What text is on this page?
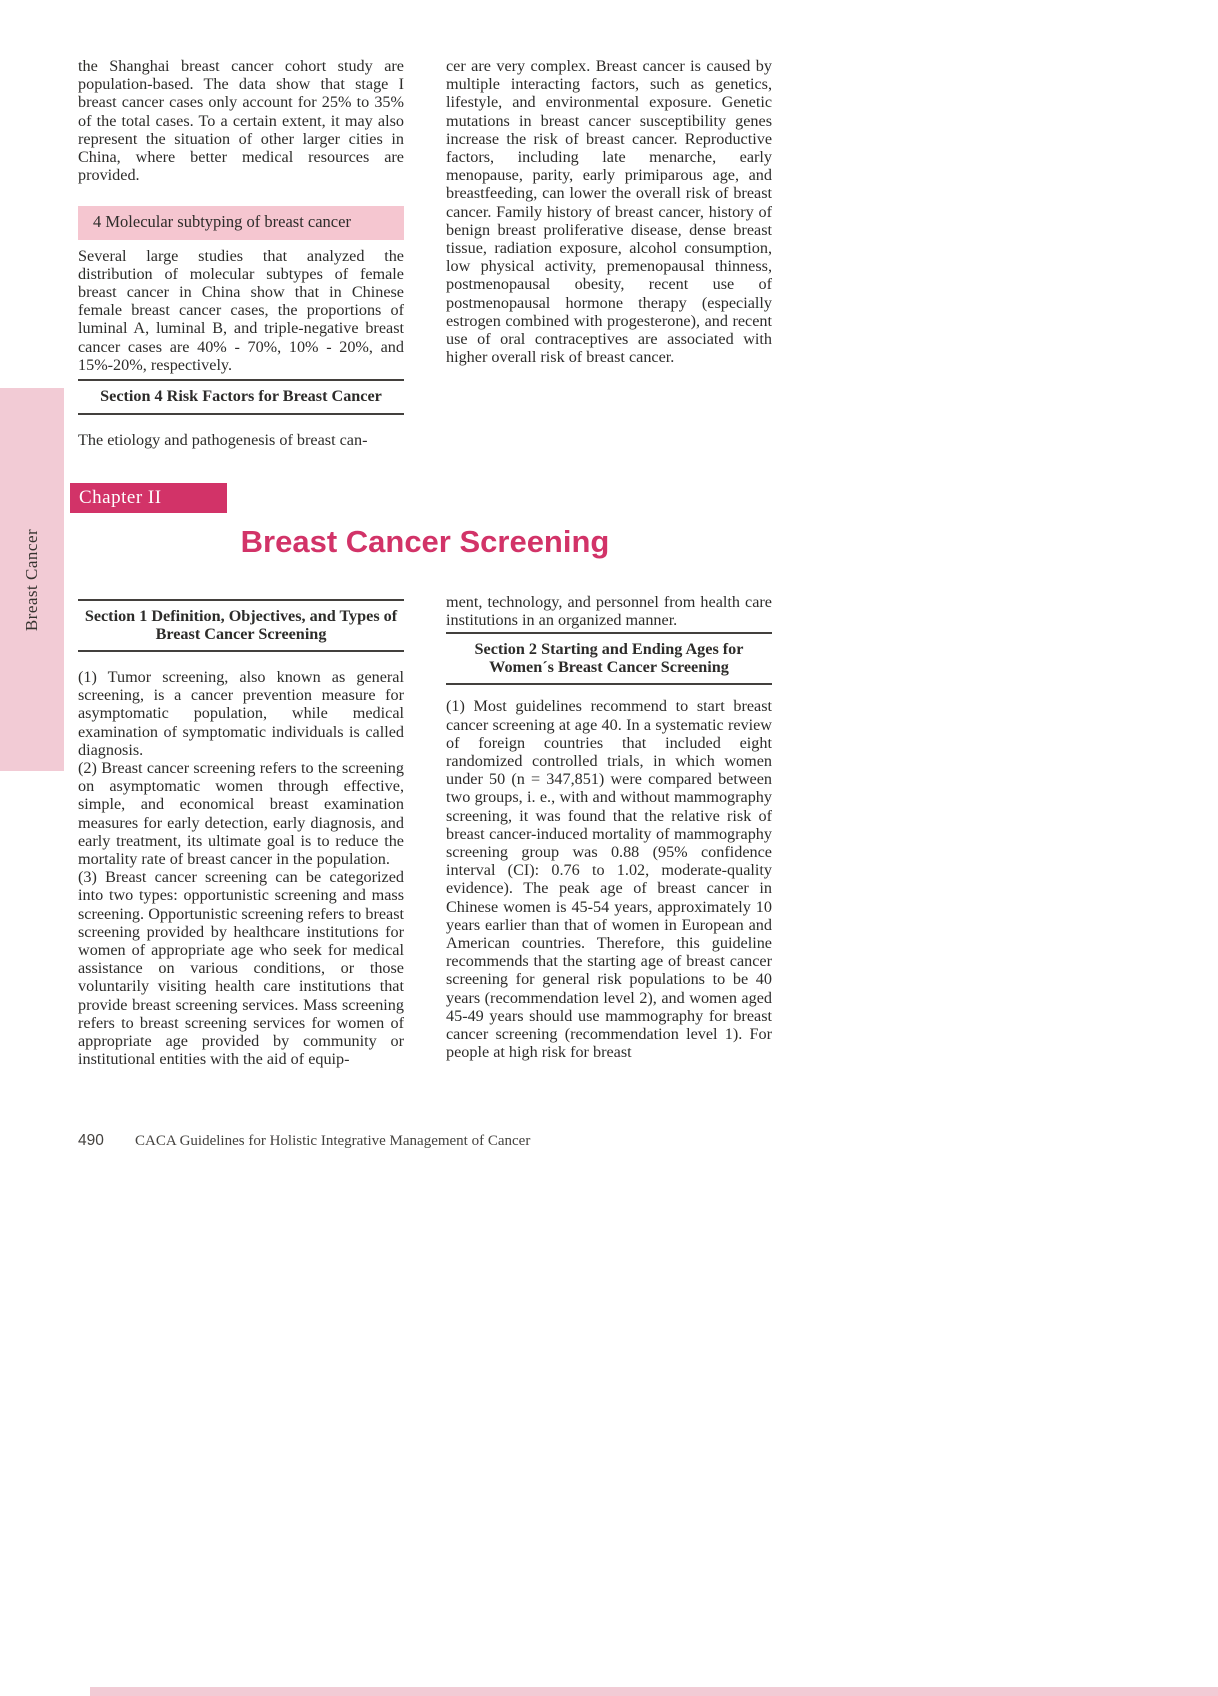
Breast Cancer

the Shanghai breast cancer cohort study are population-based. The data show that stage I breast cancer cases only account for 25% to 35% of the total cases. To a certain extent, it may also represent the situation of other larger cities in China, where better medical resources are provided.

4 Molecular subtyping of breast cancer

Several large studies that analyzed the distribution of molecular subtypes of female breast cancer in China show that in Chinese female breast cancer cases, the proportions of luminal A, luminal B, and triple-negative breast cancer cases are 40% - 70%, 10% - 20%, and 15%-20%, respectively.

Section 4 Risk Factors for Breast Cancer

The etiology and pathogenesis of breast can-

cer are very complex. Breast cancer is caused by multiple interacting factors, such as genetics, lifestyle, and environmental exposure. Genetic mutations in breast cancer susceptibility genes increase the risk of breast cancer. Reproductive factors, including late menarche, early menopause, parity, early primiparous age, and breastfeeding, can lower the overall risk of breast cancer. Family history of breast cancer, history of benign breast proliferative disease, dense breast tissue, radiation exposure, alcohol consumption, low physical activity, premenopausal thinness, postmenopausal obesity, recent use of postmenopausal hormone therapy (especially estrogen combined with progesterone), and recent use of oral contraceptives are associated with higher overall risk of breast cancer.

Chapter II
Breast Cancer Screening
Section 1 Definition, Objectives, and Types of Breast Cancer Screening

(1) Tumor screening, also known as general screening, is a cancer prevention measure for asymptomatic population, while medical examination of symptomatic individuals is called diagnosis.

(2) Breast cancer screening refers to the screening on asymptomatic women through effective, simple, and economical breast examination measures for early detection, early diagnosis, and early treatment, its ultimate goal is to reduce the mortality rate of breast cancer in the population.

(3) Breast cancer screening can be categorized into two types: opportunistic screening and mass screening. Opportunistic screening refers to breast screening provided by healthcare institutions for women of appropriate age who seek for medical assistance on various conditions, or those voluntarily visiting health care institutions that provide breast screening services. Mass screening refers to breast screening services for women of appropriate age provided by community or institutional entities with the aid of equip-

ment, technology, and personnel from health care institutions in an organized manner.

Section 2 Starting and Ending Ages for Women´s Breast Cancer Screening

(1) Most guidelines recommend to start breast cancer screening at age 40. In a systematic review of foreign countries that included eight randomized controlled trials, in which women under 50 (n = 347,851) were compared between two groups, i. e., with and without mammography screening, it was found that the relative risk of breast cancer-induced mortality of mammography screening group was 0.88 (95% confidence interval (CI): 0.76 to 1.02, moderate-quality evidence). The peak age of breast cancer in Chinese women is 45-54 years, approximately 10 years earlier than that of women in European and American countries. Therefore, this guideline recommends that the starting age of breast cancer screening for general risk populations to be 40 years (recommendation level 2), and women aged 45-49 years should use mammography for breast cancer screening (recommendation level 1). For people at high risk for breast

490 CACA Guidelines for Holistic Integrative Management of Cancer
